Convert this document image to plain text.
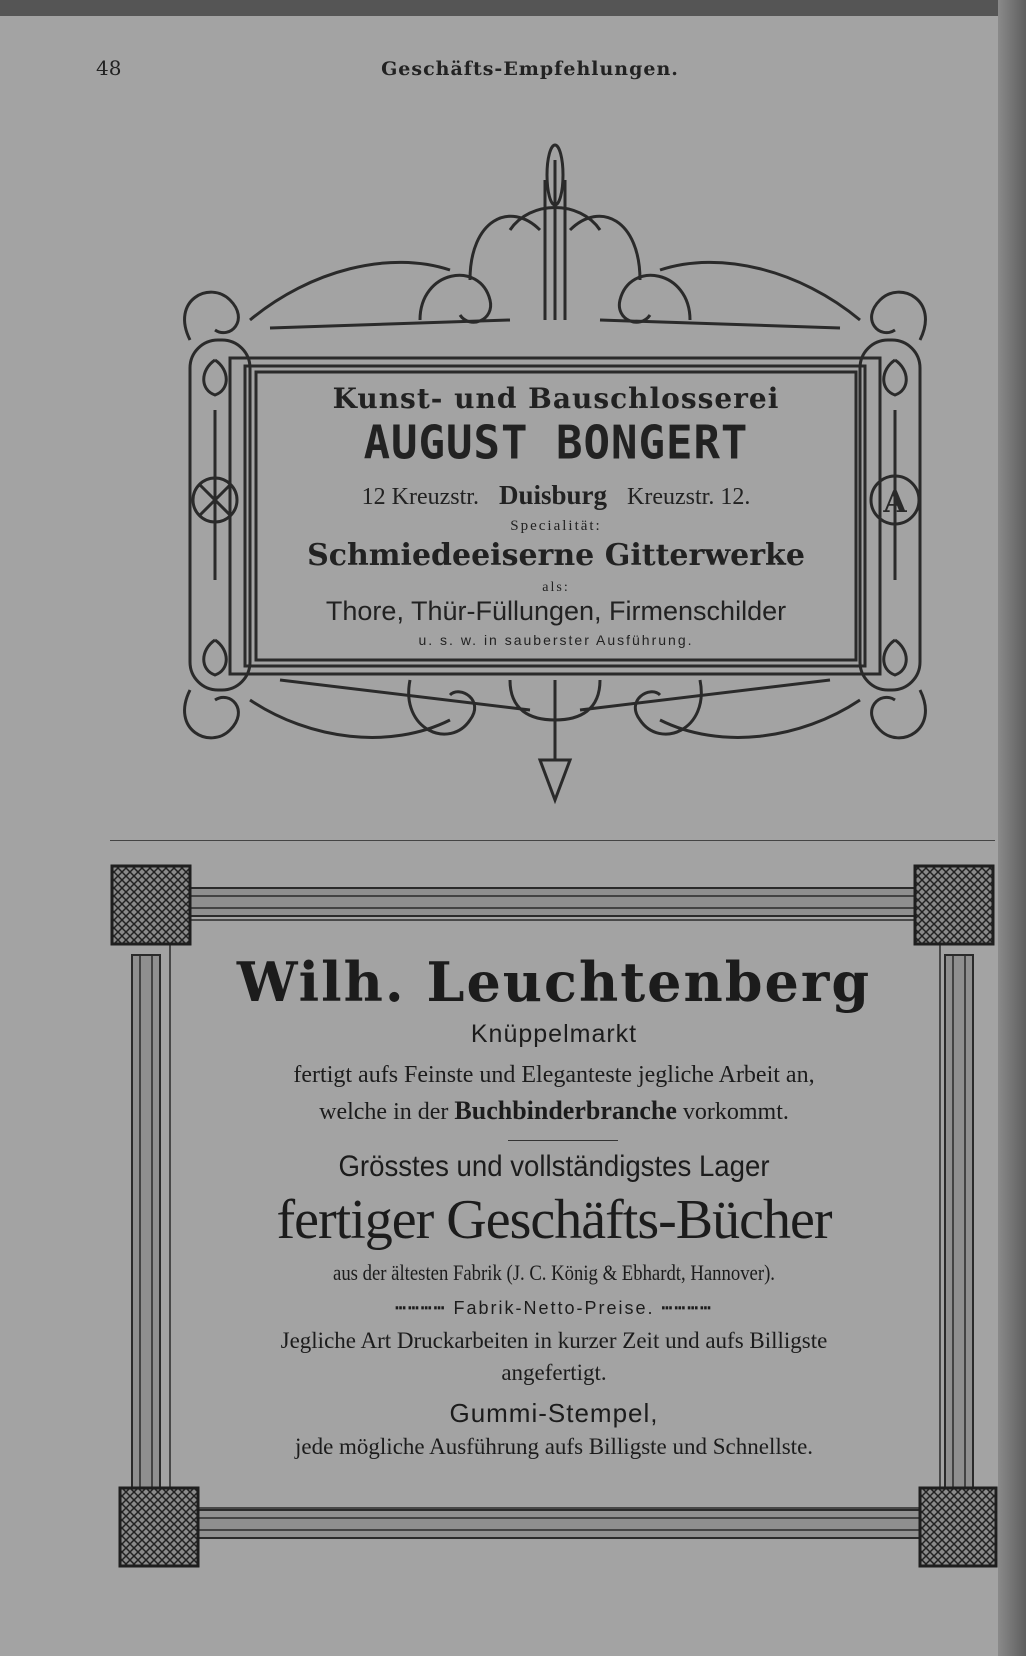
48	Geschäfts-Empfehlungen.
A
Kunst- und Bauschlosserei
AUGUST BONGERT
12 Kreuzstr. Duisburg Kreuzstr. 12.
Specialität:
Schmiedeeiserne Gitterwerke
als:
Thore, Thür-Füllungen, Firmenschilder
u. s. w. in sauberster Ausführung.
Wilh. Leuchtenberg
Knüppelmarkt
fertigt aufs Feinste und Eleganteste jegliche Arbeit an,
welche in der Buchbinderbranche vorkommt.
Grösstes und vollständigstes Lager
fertiger Geschäfts-Bücher
aus der ältesten Fabrik (J. C. König & Ebhardt, Hannover).
┅┅┅┅ Fabrik-Netto-Preise. ┅┅┅┅
Jegliche Art Druckarbeiten in kurzer Zeit und aufs Billigste
angefertigt.
Gummi-Stempel,
jede mögliche Ausführung aufs Billigste und Schnellste.
